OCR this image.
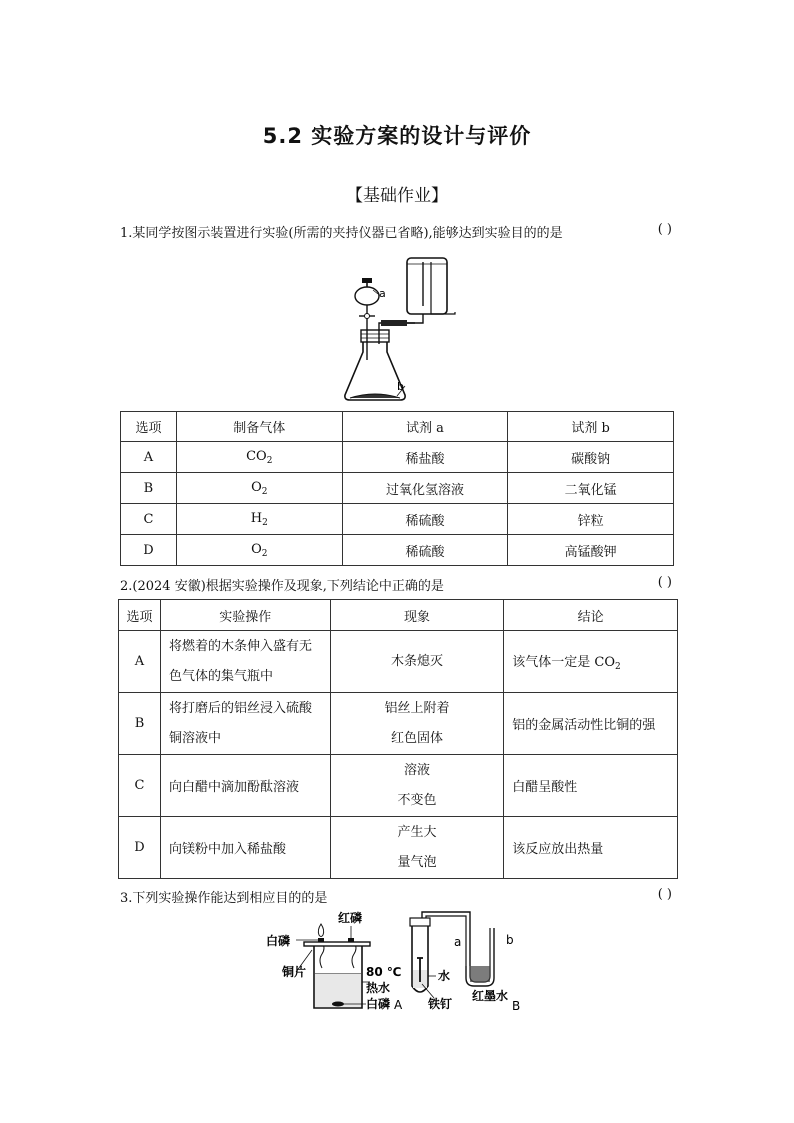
5.2 实验方案的设计与评价
【基础作业】
1.某同学按图示装置进行实验(所需的夹持仪器已省略),能够达到实验目的的是	( )
b
a
选项	制备气体	试剂 a	试剂 b
A	$CO_2$	稀盐酸	碳酸钠
B	$O_2$	过氧化氢溶液	二氧化锰
C	$H_2$	稀硫酸	锌粒
D	$O_2$	稀硫酸	高锰酸钾
2.(2024 安徽)根据实验操作及现象,下列结论中正确的是	( )
选项	实验操作	现象	结论
A	将燃着的木条伸入盛有无
色气体的集气瓶中	木条熄灭	该气体一定是 $CO_2$
B	将打磨后的铝丝浸入硫酸
铜溶液中	铝丝上附着
红色固体	铝的金属活动性比铜的强
C	向白醋中滴加酚酞溶液	溶液
不变色	白醋呈酸性
D	向镁粉中加入稀盐酸	产生大
量气泡	该反应放出热量
3.下列实验操作能达到相应目的的是	( )
白磷
红磷
铜片	80 ℃
热水
白磷 A
a	b
水
铁钉
红墨水
B
